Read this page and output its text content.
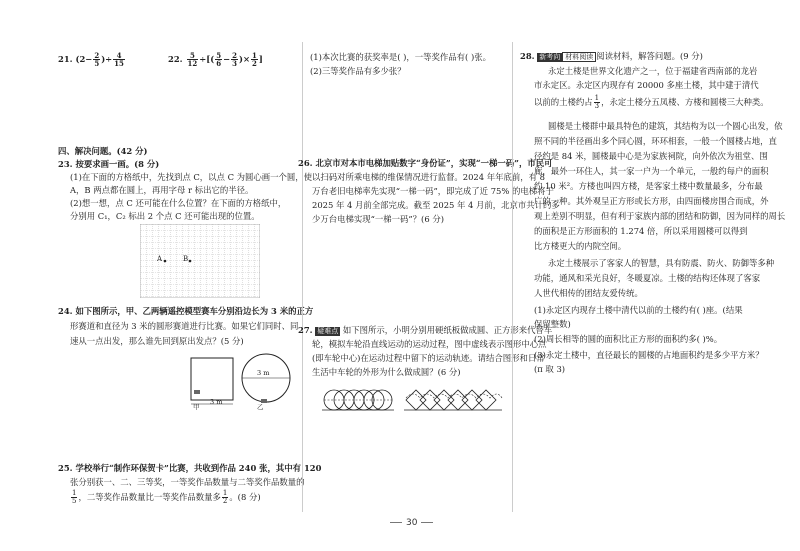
21. ($2- \frac{2}{5}$ )÷ $\frac{4}{15}$	22. $\frac{5}{12}$ ÷[( $\frac{5}{6} - \frac{2}{3}$ )× $\frac{1}{2}$ ]
四、解决问题。(42 分)
23. 按要求画一画。(8 分)
(1)在下面的方格纸中，先找到点 C，以点 C 为圆心画一个圆，使
A，B 两点都在圆上，再用字母 r 标出它的半径。
(2)想一想，点 C 还可能在什么位置？在下面的方格纸中，
分别用 C₁，C₂ 标出 2 个点 C 还可能出现的位置。
A	B
24. 如下图所示，甲、乙两辆遥控模型赛车分别沿边长为 3 米的正方
形赛道和直径为 3 米的圆形赛道进行比赛。如果它们同时、同
速从一点出发，那么谁先回到原出发点？(5 分)
3 m
3 m
甲	乙
25. 学校举行“制作环保贺卡”比赛，共收到作品 240 张，其中有 120
张分别获一、二、三等奖，一等奖作品数量与二等奖作品数量的
$\frac{1}{5}$ ，二等奖作品数量比一等奖作品数量多 $\frac{1}{2}$ 。(8 分)
(1)本次比赛的获奖率是( )，一等奖作品有( )张。
(2)三等奖作品有多少张？
26. 北京市对本市电梯加贴数字“身份证”，实现“一梯一码”，市民可
以扫码对所乘电梯的维保情况进行监督。2024 年年底前，有 8
万台老旧电梯率先实现“一梯一码”，即完成了近 75% 的电梯将于
2025 年 4 月前全部完成。截至 2025 年 4 月前，北京市共计约多
少万台电梯实现“一梯一码”？(6 分)
27. 疑难点 如下图所示，小明分别用硬纸板做成圆、正方形来代替车
轮，模拟车轮沿直线运动的运动过程，图中虚线表示图形中心点
(即车轮中心)在运动过程中留下的运动轨迹。请结合图形和日常
生活中车轮的外形为什么做成圆？(6 分)
28. 新考向 材料阅读 阅读材料，解答问题。(9 分)
永定土楼是世界文化遗产之一，位于福建省西南部的龙岩
市永定区。永定区内现存有 20000 多座土楼，其中建于清代
以前的土楼约占 $\frac{1}{3}$ ，永定土楼分五凤楼、方楼和圆楼三大种类。
圆楼是土楼群中最具特色的建筑，其结构为以一个圆心出发，依
照不同的半径画出多个同心圆，环环相套，一般一个圆楼占地，直
径约是 84 米，圆楼最中心是为家族祠院，向外依次为祖堂、围
廊，最外一环住人，其一家一户为一个单元，一般约每户的面积
约 10 米²。方楼也叫四方楼，是客家土楼中数量最多，分布最
广的一种。其外观呈正方形或长方形，由四面楼房围合而成，外
观上差别不明显，但有利于家族内部的团结和防御，因为同样的周长
的面积是正方形面积的 1.274 倍，所以采用圆楼可以得到
比方楼更大的内院空间。
永定土楼展示了客家人的智慧，具有防震、防火、防御等多种
功能，通风和采光良好，冬暖夏凉。土楼的结构还体现了客家
人世代相传的团结友爱传统。
(1)永定区内现存土楼中清代以前的土楼约有( )座。(结果
保留整数)
(2)周长相等的圆的面积比正方形的面积约多( )%。
(3)永定土楼中，直径最长的圆楼的占地面积约是多少平方米？
(π 取 3)
30
